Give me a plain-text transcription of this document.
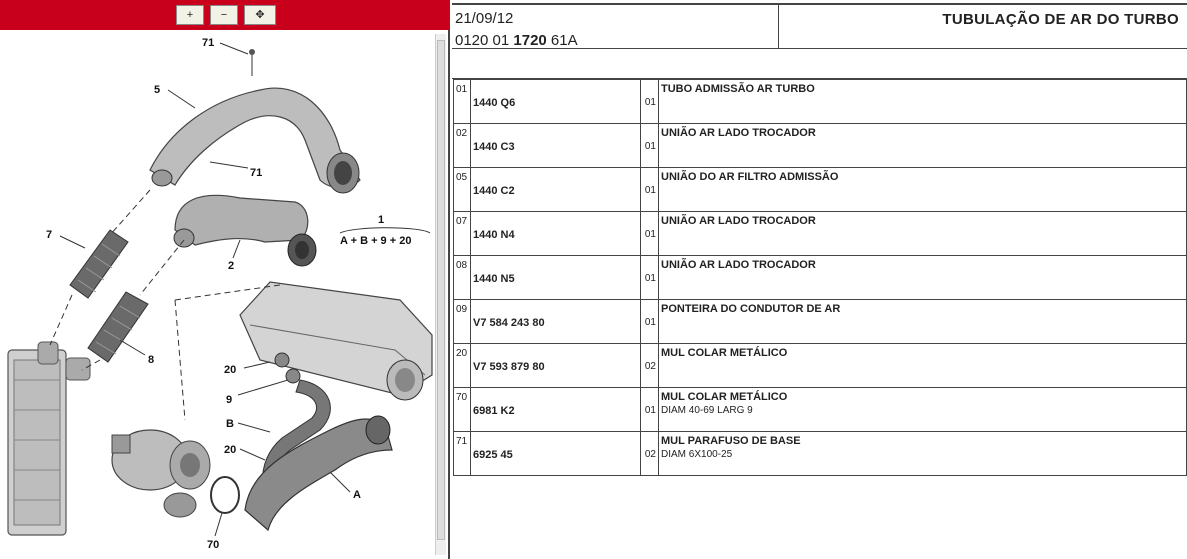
+	−	✥
71
5
71
1
A + B + 9 + 20
7
2
8
20
9
B
20
A
70
21/09/12
0120 01 1720 61A
TUBULAÇÃO DE AR DO TURBO
01	1440 Q6	01	TUBO ADMISSÃO AR TURBO

02	1440 C3	01	UNIÃO AR LADO TROCADOR

05	1440 C2	01	UNIÃO DO AR FILTRO ADMISSÃO

07	1440 N4	01	UNIÃO AR LADO TROCADOR

08	1440 N5	01	UNIÃO AR LADO TROCADOR

09	V7 584 243 80	01	PONTEIRA DO CONDUTOR DE AR

20	V7 593 879 80	02	MUL COLAR METÁLICO

70	6981 K2	01	MUL COLAR METÁLICO
DIAM 40-69 LARG 9

71	6925 45	02	MUL PARAFUSO DE BASE
DIAM 6X100-25
